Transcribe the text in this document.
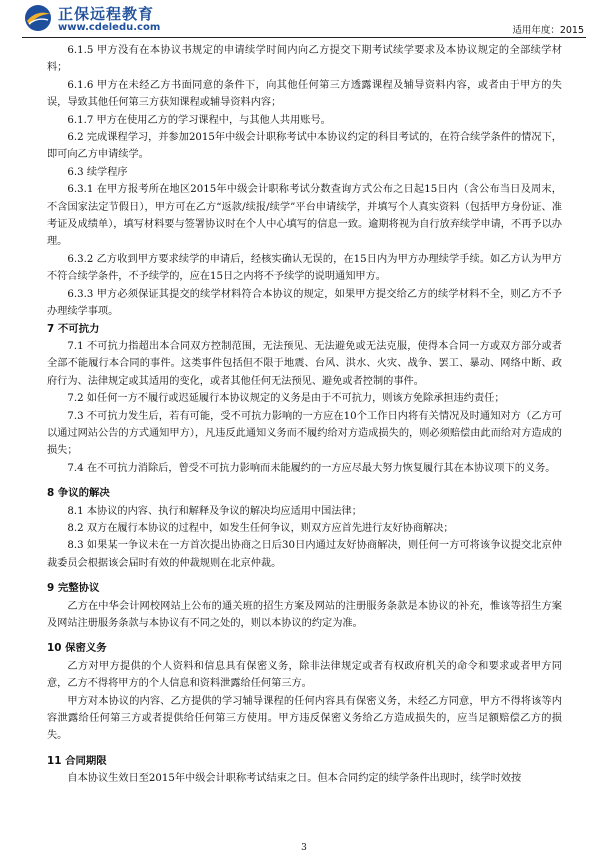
正保远程教育
www.cdeledu.com	适用年度：2015

6.1.5 甲方没有在本协议书规定的申请续学时间内向乙方提交下期考试续学要求及本协议规定的全部续学材料；

6.1.6 甲方在未经乙方书面同意的条件下，向其他任何第三方透露课程及辅导资料内容，或者由于甲方的失误，导致其他任何第三方获知课程或辅导资料内容；

6.1.7 甲方在使用乙方的学习课程中，与其他人共用账号。

6.2 完成课程学习，并参加2015年中级会计职称考试中本协议约定的科目考试的，在符合续学条件的情况下，即可向乙方申请续学。

6.3 续学程序

6.3.1 在甲方报考所在地区2015年中级会计职称考试分数查询方式公布之日起15日内（含公布当日及周末，不含国家法定节假日），甲方可在乙方“返款/续报/续学”平台申请续学，并填写个人真实资料（包括甲方身份证、准考证及成绩单），填写材料要与签署协议时在个人中心填写的信息一致。逾期将视为自行放弃续学申请，不再予以办理。

6.3.2 乙方收到甲方要求续学的申请后，经核实确认无误的，在15日内为甲方办理续学手续。如乙方认为甲方不符合续学条件，不予续学的，应在15日之内将不予续学的说明通知甲方。

6.3.3 甲方必须保证其提交的续学材料符合本协议的规定，如果甲方提交给乙方的续学材料不全，则乙方不予办理续学事项。

7 不可抗力

7.1 不可抗力指超出本合同双方控制范围，无法预见、无法避免或无法克服，使得本合同一方或双方部分或者全部不能履行本合同的事件。这类事件包括但不限于地震、台风、洪水、火灾、战争、罢工、暴动、网络中断、政府行为、法律规定或其适用的变化，或者其他任何无法预见、避免或者控制的事件。

7.2 如任何一方不履行或迟延履行本协议规定的义务是由于不可抗力，则该方免除承担违约责任；

7.3 不可抗力发生后，若有可能，受不可抗力影响的一方应在10个工作日内将有关情况及时通知对方（乙方可以通过网站公告的方式通知甲方），凡违反此通知义务而不履约给对方造成损失的，则必须赔偿由此而给对方造成的损失；

7.4 在不可抗力消除后，曾受不可抗力影响而未能履约的一方应尽最大努力恢复履行其在本协议项下的义务。

8 争议的解决

8.1 本协议的内容、执行和解释及争议的解决均应适用中国法律；

8.2 双方在履行本协议的过程中，如发生任何争议，则双方应首先进行友好协商解决；

8.3 如果某一争议未在一方首次提出协商之日后30日内通过友好协商解决，则任何一方可将该争议提交北京仲裁委员会根据该会届时有效的仲裁规则在北京仲裁。

9 完整协议

乙方在中华会计网校网站上公布的通关班的招生方案及网站的注册服务条款是本协议的补充，惟该等招生方案及网站注册服务条款与本协议有不同之处的，则以本协议的约定为准。

10 保密义务

乙方对甲方提供的个人资料和信息具有保密义务，除非法律规定或者有权政府机关的命令和要求或者甲方同意，乙方不得将甲方的个人信息和资料泄露给任何第三方。

甲方对本协议的内容、乙方提供的学习辅导课程的任何内容具有保密义务，未经乙方同意，甲方不得将该等内容泄露给任何第三方或者提供给任何第三方使用。甲方违反保密义务给乙方造成损失的，应当足额赔偿乙方的损失。

11 合同期限

自本协议生效日至2015年中级会计职称考试结束之日。但本合同约定的续学条件出现时，续学时效按

3
